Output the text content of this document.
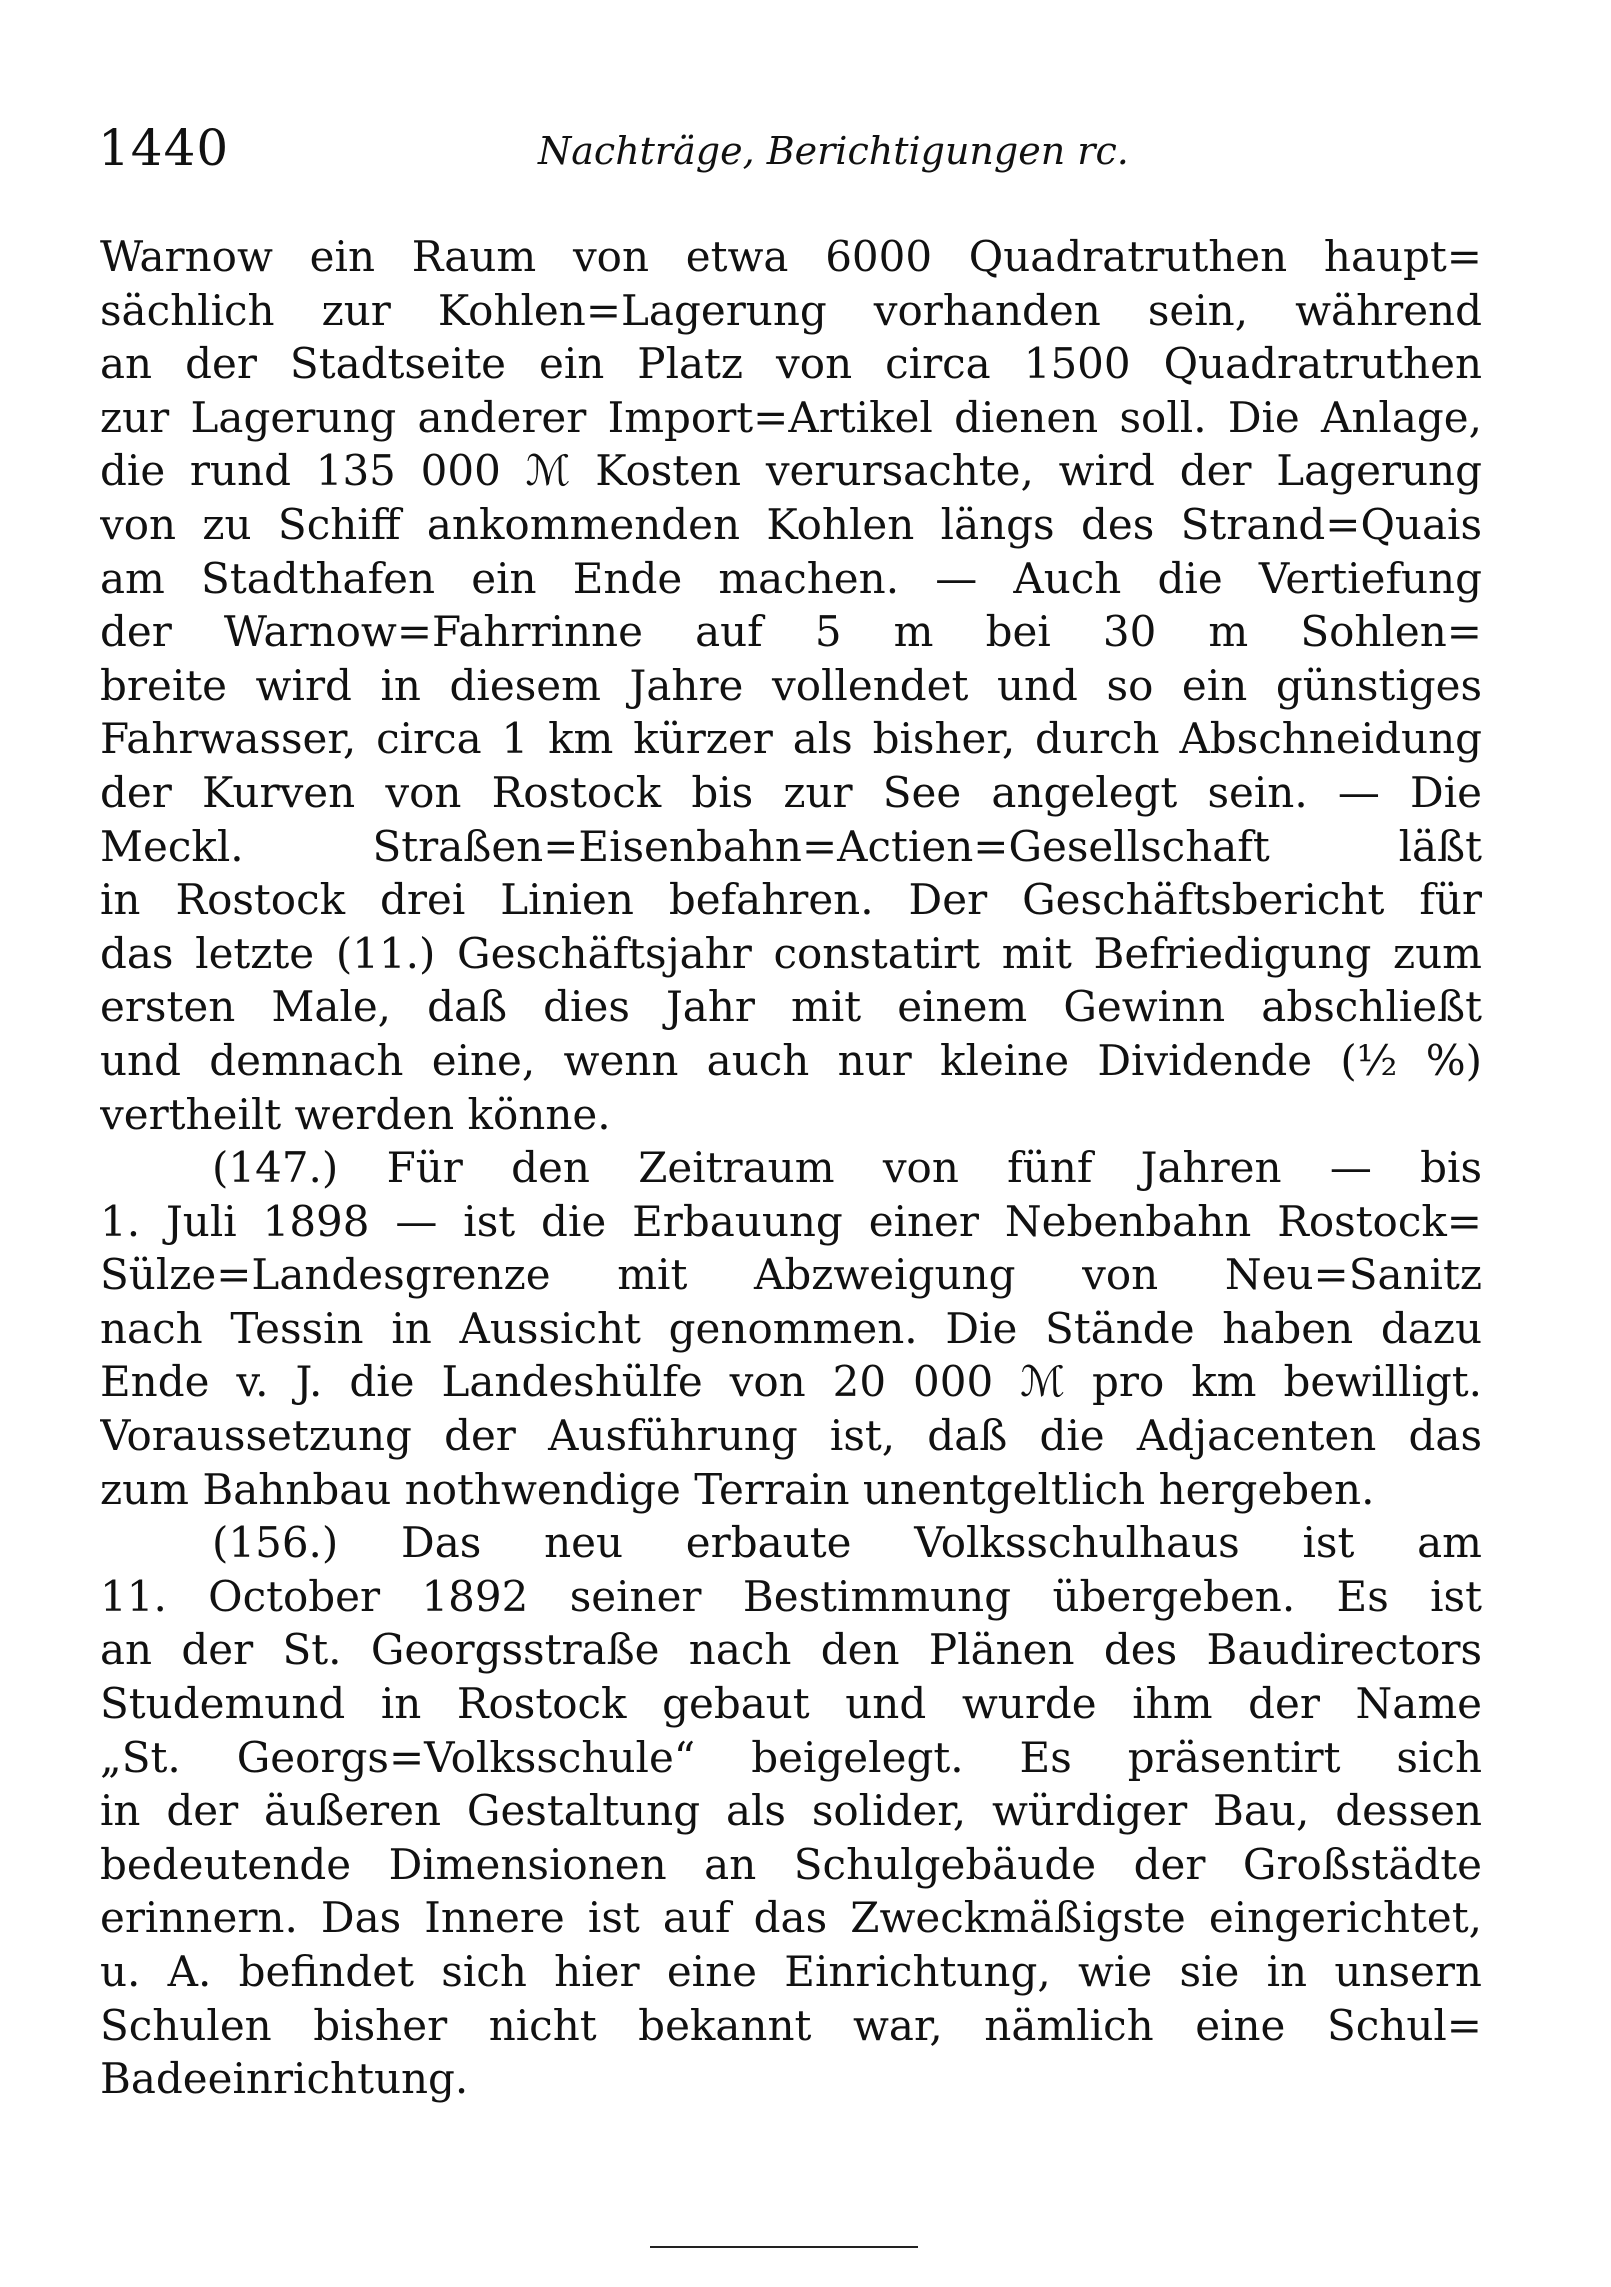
1440	Nachträge, Berichtigungen rc.
Warnow ein Raum von etwa 6000 Quadratruthen haupt=
sächlich zur Kohlen=Lagerung vorhanden sein, während
an der Stadtseite ein Platz von circa 1500 Quadratruthen
zur Lagerung anderer Import=Artikel dienen soll. Die Anlage,
die rund 135 000 ℳ Kosten verursachte, wird der Lagerung
von zu Schiff ankommenden Kohlen längs des Strand=Quais
am Stadthafen ein Ende machen. — Auch die Vertiefung
der Warnow=Fahrrinne auf 5 m bei 30 m Sohlen=
breite wird in diesem Jahre vollendet und so ein günstiges
Fahrwasser, circa 1 km kürzer als bisher, durch Abschneidung
der Kurven von Rostock bis zur See angelegt sein. — Die
Meckl. Straßen=Eisenbahn=Actien=Gesellschaft läßt
in Rostock drei Linien befahren. Der Geschäftsbericht für
das letzte (11.) Geschäftsjahr constatirt mit Befriedigung zum
ersten Male, daß dies Jahr mit einem Gewinn abschließt
und demnach eine, wenn auch nur kleine Dividende (½ %)
vertheilt werden könne.
(147.) Für den Zeitraum von fünf Jahren — bis
1. Juli 1898 — ist die Erbauung einer Nebenbahn Rostock=
Sülze=Landesgrenze mit Abzweigung von Neu=Sanitz
nach Tessin in Aussicht genommen. Die Stände haben dazu
Ende v. J. die Landeshülfe von 20 000 ℳ pro km bewilligt.
Voraussetzung der Ausführung ist, daß die Adjacenten das
zum Bahnbau nothwendige Terrain unentgeltlich hergeben.
(156.) Das neu erbaute Volksschulhaus ist am
11. October 1892 seiner Bestimmung übergeben. Es ist
an der St. Georgsstraße nach den Plänen des Baudirectors
Studemund in Rostock gebaut und wurde ihm der Name
„St. Georgs=Volksschule“ beigelegt. Es präsentirt sich
in der äußeren Gestaltung als solider, würdiger Bau, dessen
bedeutende Dimensionen an Schulgebäude der Großstädte
erinnern. Das Innere ist auf das Zweckmäßigste eingerichtet,
u. A. befindet sich hier eine Einrichtung, wie sie in unsern
Schulen bisher nicht bekannt war, nämlich eine Schul=
Badeeinrichtung.
